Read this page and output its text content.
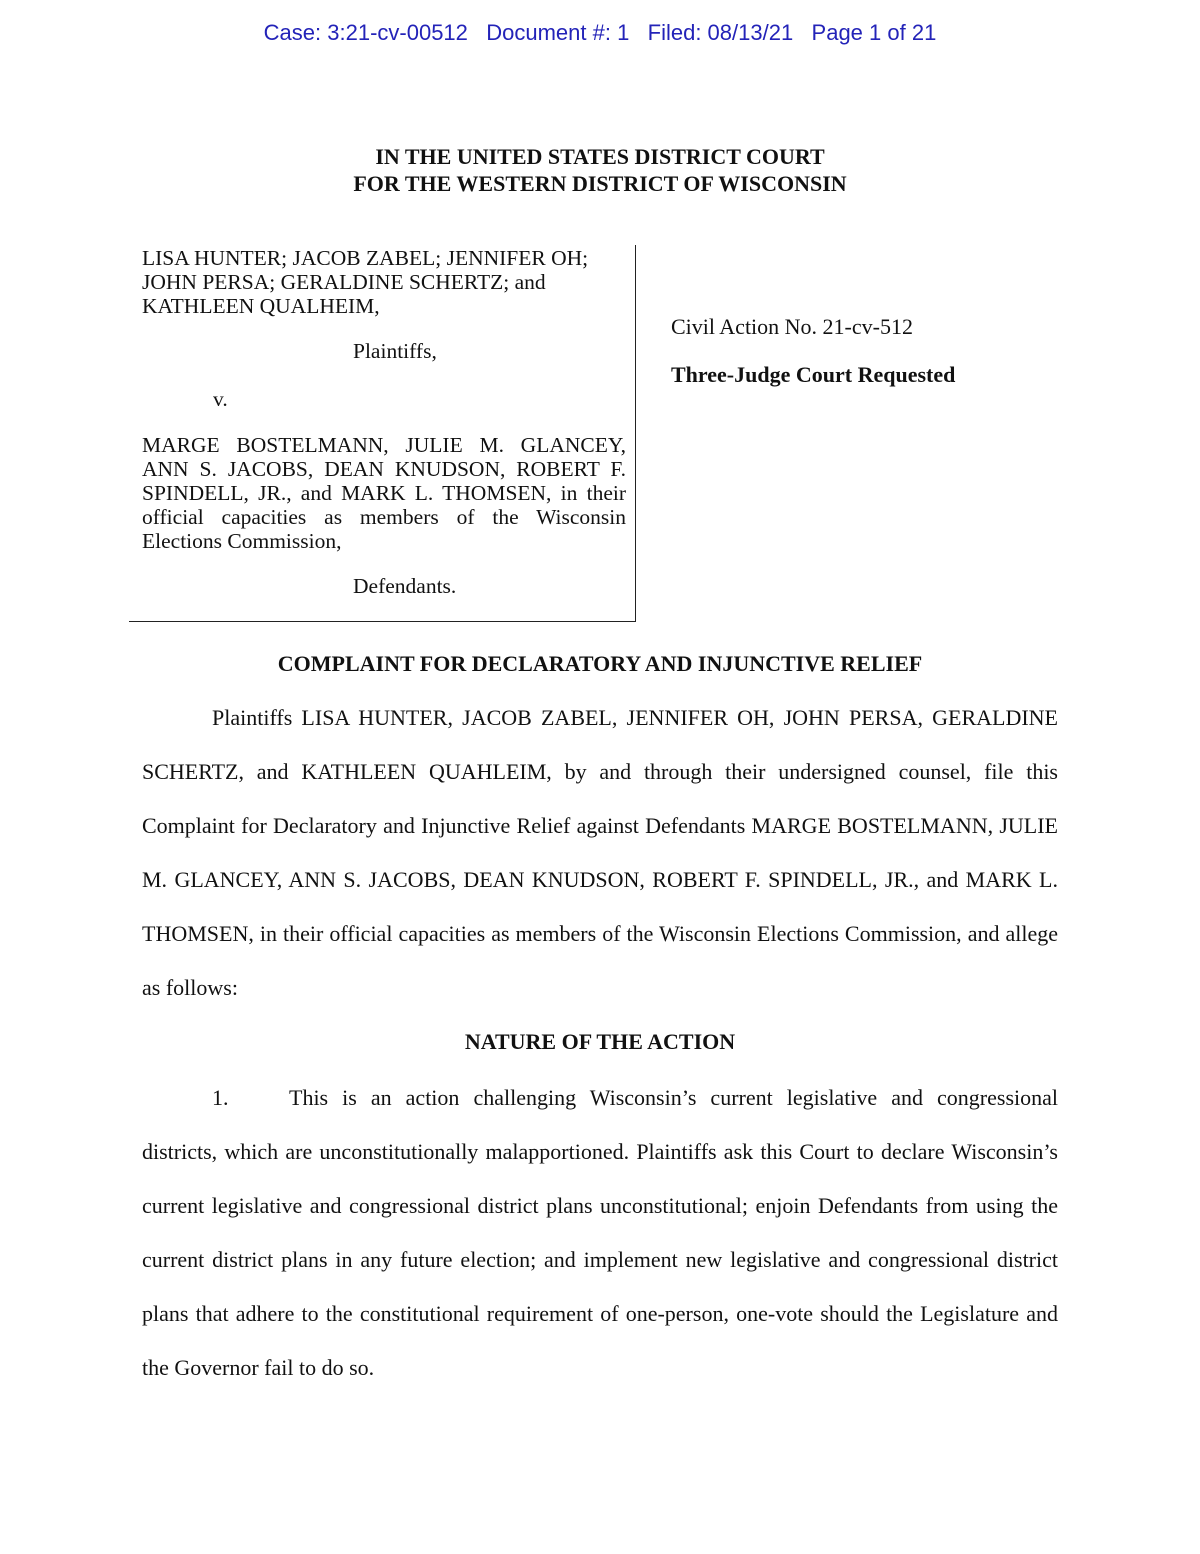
Case: 3:21-cv-00512   Document #: 1   Filed: 08/13/21   Page 1 of 21
IN THE UNITED STATES DISTRICT COURT
FOR THE WESTERN DISTRICT OF WISCONSIN
LISA HUNTER; JACOB ZABEL; JENNIFER OH; JOHN PERSA; GERALDINE SCHERTZ; and KATHLEEN QUALHEIM,
Plaintiffs,
v.
MARGE BOSTELMANN, JULIE M. GLANCEY, ANN S. JACOBS, DEAN KNUDSON, ROBERT F. SPINDELL, JR., and MARK L. THOMSEN, in their official capacities as members of the Wisconsin Elections Commission,
Defendants.
Civil Action No. 21-cv-512
Three-Judge Court Requested
COMPLAINT FOR DECLARATORY AND INJUNCTIVE RELIEF

Plaintiffs LISA HUNTER, JACOB ZABEL, JENNIFER OH, JOHN PERSA, GERALDINE SCHERTZ, and KATHLEEN QUAHLEIM, by and through their undersigned counsel, file this Complaint for Declaratory and Injunctive Relief against Defendants MARGE BOSTELMANN, JULIE M. GLANCEY, ANN S. JACOBS, DEAN KNUDSON, ROBERT F. SPINDELL, JR., and MARK L. THOMSEN, in their official capacities as members of the Wisconsin Elections Commission, and allege as follows:

NATURE OF THE ACTION

1.	This is an action challenging Wisconsin’s current legislative and congressional districts, which are unconstitutionally malapportioned. Plaintiffs ask this Court to declare Wisconsin’s current legislative and congressional district plans unconstitutional; enjoin Defendants from using the current district plans in any future election; and implement new legislative and congressional district plans that adhere to the constitutional requirement of one-person, one-vote should the Legislature and the Governor fail to do so.
